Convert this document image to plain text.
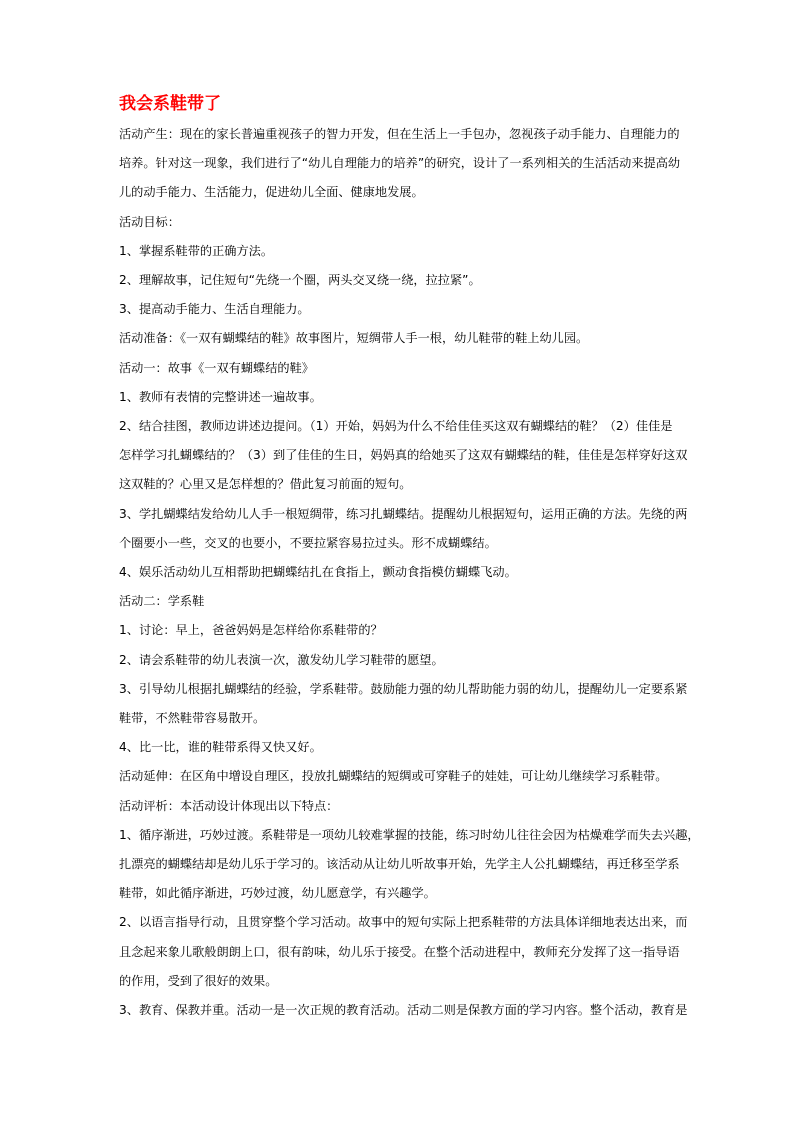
我会系鞋带了

活动产生：现在的家长普遍重视孩子的智力开发，但在生活上一手包办，忽视孩子动手能力、自理能力的

培养。针对这一现象，我们进行了“幼儿自理能力的培养”的研究，设计了一系列相关的生活活动来提高幼

儿的动手能力、生活能力，促进幼儿全面、健康地发展。

活动目标：

1、掌握系鞋带的正确方法。

2、理解故事，记住短句“先绕一个圈，两头交叉绕一绕，拉拉紧”。

3、提高动手能力、生活自理能力。

活动准备：《一双有蝴蝶结的鞋》故事图片，短绸带人手一根，幼儿鞋带的鞋上幼儿园。

活动一：故事《一双有蝴蝶结的鞋》

1、教师有表情的完整讲述一遍故事。

2、结合挂图，教师边讲述边提问。（1）开始，妈妈为什么不给佳佳买这双有蝴蝶结的鞋？（2）佳佳是

怎样学习扎蝴蝶结的？（3）到了佳佳的生日，妈妈真的给她买了这双有蝴蝶结的鞋，佳佳是怎样穿好这双

这双鞋的？心里又是怎样想的？借此复习前面的短句。

3、学扎蝴蝶结发给幼儿人手一根短绸带，练习扎蝴蝶结。提醒幼儿根据短句，运用正确的方法。先绕的两

个圈要小一些，交叉的也要小，不要拉紧容易拉过头。形不成蝴蝶结。

4、娱乐活动幼儿互相帮助把蝴蝶结扎在食指上，颤动食指模仿蝴蝶飞动。

活动二：学系鞋

1、讨论：早上，爸爸妈妈是怎样给你系鞋带的？

2、请会系鞋带的幼儿表演一次，激发幼儿学习鞋带的愿望。

3、引导幼儿根据扎蝴蝶结的经验，学系鞋带。鼓励能力强的幼儿帮助能力弱的幼儿，提醒幼儿一定要系紧

鞋带，不然鞋带容易散开。

4、比一比，谁的鞋带系得又快又好。

活动延伸：在区角中增设自理区，投放扎蝴蝶结的短绸或可穿鞋子的娃娃，可让幼儿继续学习系鞋带。

活动评析：本活动设计体现出以下特点：

1、循序渐进，巧妙过渡。系鞋带是一项幼儿较难掌握的技能，练习时幼儿往往会因为枯燥难学而失去兴趣，

扎漂亮的蝴蝶结却是幼儿乐于学习的。该活动从让幼儿听故事开始，先学主人公扎蝴蝶结，再迁移至学系

鞋带，如此循序渐进，巧妙过渡，幼儿愿意学，有兴趣学。

2、以语言指导行动，且贯穿整个学习活动。故事中的短句实际上把系鞋带的方法具体详细地表达出来，而

且念起来象儿歌般朗朗上口，很有韵味，幼儿乐于接受。在整个活动进程中，教师充分发挥了这一指导语

的作用，受到了很好的效果。

3、教育、保教并重。活动一是一次正规的教育活动。活动二则是保教方面的学习内容。整个活动，教育是
